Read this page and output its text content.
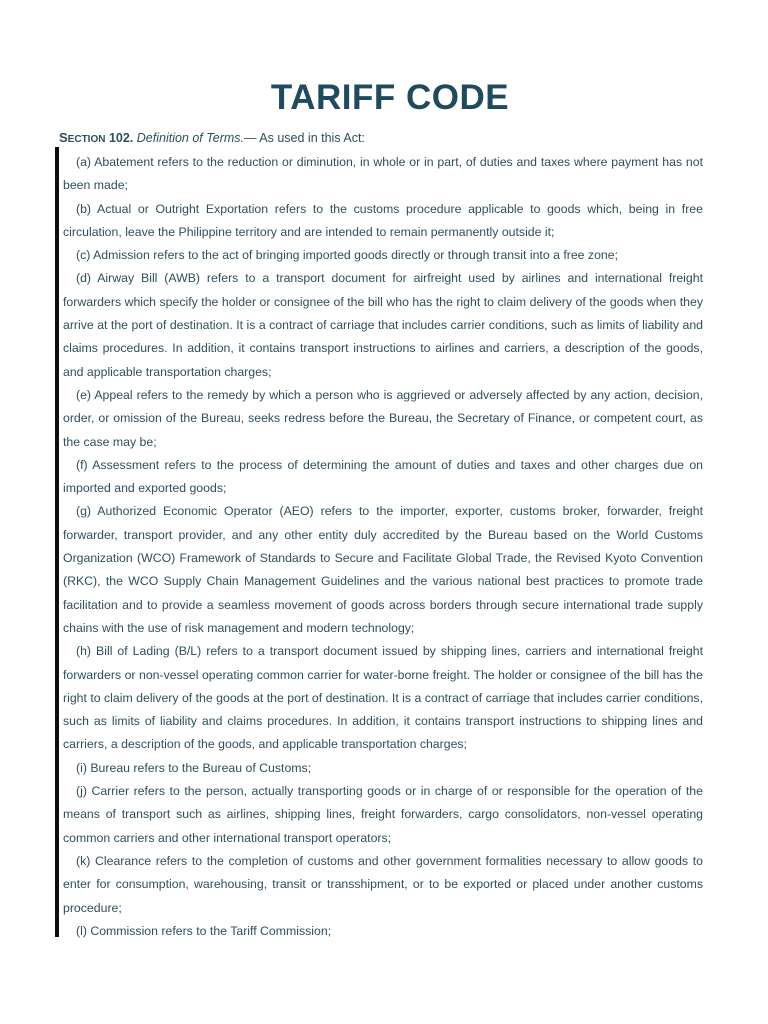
TARIFF CODE
SECTION 102. Definition of Terms.— As used in this Act:

(a) Abatement refers to the reduction or diminution, in whole or in part, of duties and taxes where payment has not been made;

(b) Actual or Outright Exportation refers to the customs procedure applicable to goods which, being in free circulation, leave the Philippine territory and are intended to remain permanently outside it;

(c) Admission refers to the act of bringing imported goods directly or through transit into a free zone;

(d) Airway Bill (AWB) refers to a transport document for airfreight used by airlines and international freight forwarders which specify the holder or consignee of the bill who has the right to claim delivery of the goods when they arrive at the port of destination. It is a contract of carriage that includes carrier conditions, such as limits of liability and claims procedures. In addition, it contains transport instructions to airlines and carriers, a description of the goods, and applicable transportation charges;

(e) Appeal refers to the remedy by which a person who is aggrieved or adversely affected by any action, decision, order, or omission of the Bureau, seeks redress before the Bureau, the Secretary of Finance, or competent court, as the case may be;

(f) Assessment refers to the process of determining the amount of duties and taxes and other charges due on imported and exported goods;

(g) Authorized Economic Operator (AEO) refers to the importer, exporter, customs broker, forwarder, freight forwarder, transport provider, and any other entity duly accredited by the Bureau based on the World Customs Organization (WCO) Framework of Standards to Secure and Facilitate Global Trade, the Revised Kyoto Convention (RKC), the WCO Supply Chain Management Guidelines and the various national best practices to promote trade facilitation and to provide a seamless movement of goods across borders through secure international trade supply chains with the use of risk management and modern technology;

(h) Bill of Lading (B/L) refers to a transport document issued by shipping lines, carriers and international freight forwarders or non-vessel operating common carrier for water-borne freight. The holder or consignee of the bill has the right to claim delivery of the goods at the port of destination. It is a contract of carriage that includes carrier conditions, such as limits of liability and claims procedures. In addition, it contains transport instructions to shipping lines and carriers, a description of the goods, and applicable transportation charges;

(i) Bureau refers to the Bureau of Customs;

(j) Carrier refers to the person, actually transporting goods or in charge of or responsible for the operation of the means of transport such as airlines, shipping lines, freight forwarders, cargo consolidators, non-vessel operating common carriers and other international transport operators;

(k) Clearance refers to the completion of customs and other government formalities necessary to allow goods to enter for consumption, warehousing, transit or transshipment, or to be exported or placed under another customs procedure;

(l) Commission refers to the Tariff Commission;
